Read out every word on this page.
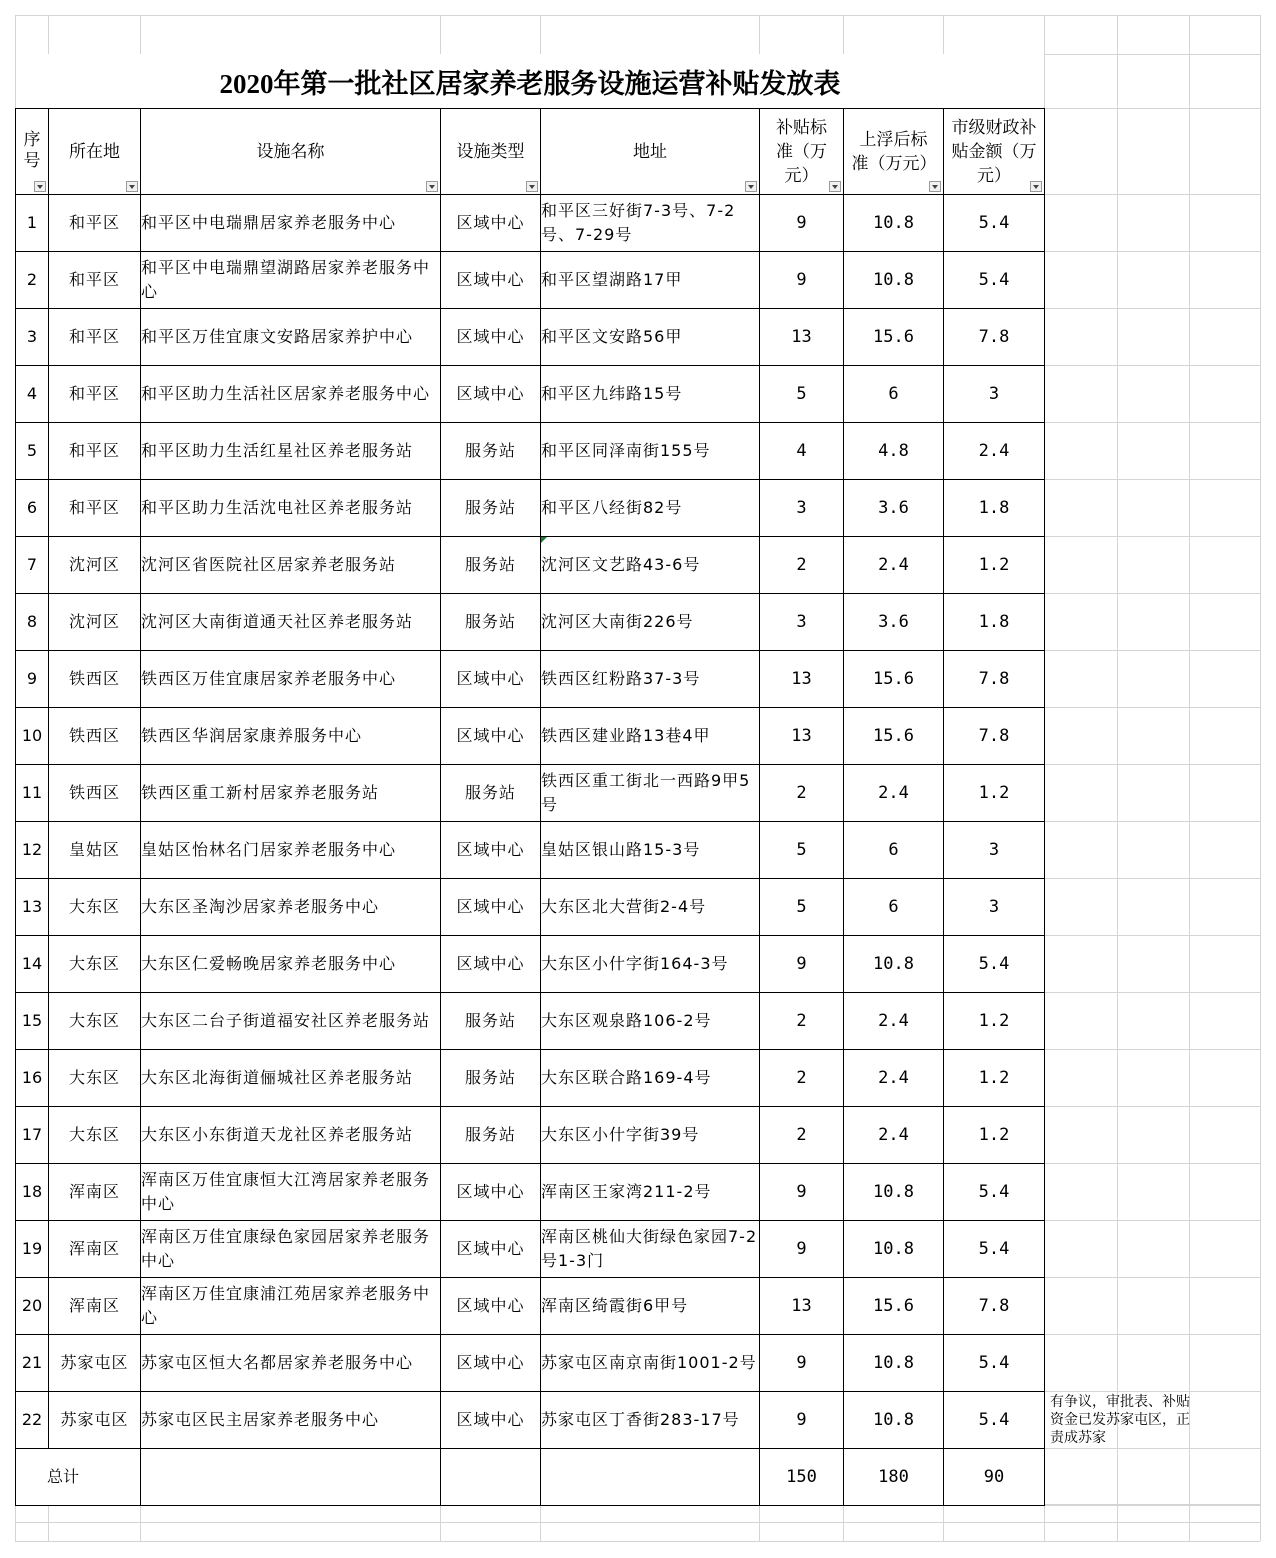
2020年第一批社区居家养老服务设施运营补贴发放表
序号	所在地	设施名称	设施类型	地址	补贴标准（万元）	上浮后标准（万元）	市级财政补贴金额（万元）

1	和平区	和平区中电瑞鼎居家养老服务中心	区域中心	和平区三好街7-3号、7-2号、7-29号	9	10.8	5.4
2	和平区	和平区中电瑞鼎望湖路居家养老服务中心	区域中心	和平区望湖路17甲	9	10.8	5.4
3	和平区	和平区万佳宜康文安路居家养护中心	区域中心	和平区文安路56甲	13	15.6	7.8
4	和平区	和平区助力生活社区居家养老服务中心	区域中心	和平区九纬路15号	5	6	3
5	和平区	和平区助力生活红星社区养老服务站	服务站	和平区同泽南街155号	4	4.8	2.4
6	和平区	和平区助力生活沈电社区养老服务站	服务站	和平区八经街82号	3	3.6	1.8
7	沈河区	沈河区省医院社区居家养老服务站	服务站	沈河区文艺路43-6号	2	2.4	1.2
8	沈河区	沈河区大南街道通天社区养老服务站	服务站	沈河区大南街226号	3	3.6	1.8
9	铁西区	铁西区万佳宜康居家养老服务中心	区域中心	铁西区红粉路37-3号	13	15.6	7.8
10	铁西区	铁西区华润居家康养服务中心	区域中心	铁西区建业路13巷4甲	13	15.6	7.8
11	铁西区	铁西区重工新村居家养老服务站	服务站	铁西区重工街北一西路9甲5号	2	2.4	1.2
12	皇姑区	皇姑区怡林名门居家养老服务中心	区域中心	皇姑区银山路15-3号	5	6	3
13	大东区	大东区圣淘沙居家养老服务中心	区域中心	大东区北大营街2-4号	5	6	3
14	大东区	大东区仁爱畅晚居家养老服务中心	区域中心	大东区小什字街164-3号	9	10.8	5.4
15	大东区	大东区二台子街道福安社区养老服务站	服务站	大东区观泉路106-2号	2	2.4	1.2
16	大东区	大东区北海街道俪城社区养老服务站	服务站	大东区联合路169-4号	2	2.4	1.2
17	大东区	大东区小东街道天龙社区养老服务站	服务站	大东区小什字街39号	2	2.4	1.2
18	浑南区	浑南区万佳宜康恒大江湾居家养老服务中心	区域中心	浑南区王家湾211-2号	9	10.8	5.4
19	浑南区	浑南区万佳宜康绿色家园居家养老服务中心	区域中心	浑南区桃仙大街绿色家园7-2号1-3门	9	10.8	5.4
20	浑南区	浑南区万佳宜康浦江苑居家养老服务中心	区域中心	浑南区绮霞街6甲号	13	15.6	7.8
21	苏家屯区	苏家屯区恒大名都居家养老服务中心	区域中心	苏家屯区南京南街1001-2号	9	10.8	5.4
22	苏家屯区	苏家屯区民主居家养老服务中心	区域中心	苏家屯区丁香街283-17号	9	10.8	5.4
总计					150	180	90
有争议，审批表、补贴资金已发苏家屯区，正责成苏家
